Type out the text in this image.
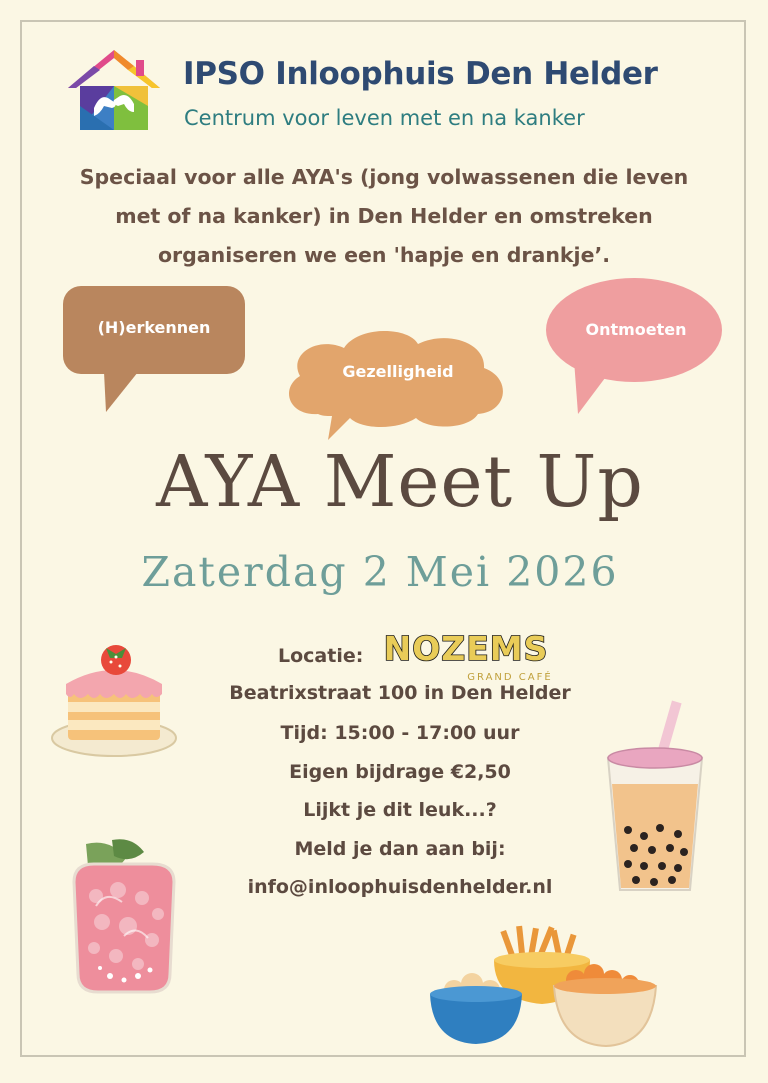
IPSO Inloophuis Den Helder
Centrum voor leven met en na kanker
Speciaal voor alle AYA's (jong volwassenen die leven
met of na kanker) in Den Helder en omstreken
organiseren we een 'hapje en drankje’.
(H)erkennen
Gezelligheid
Ontmoeten
AYA Meet Up
Zaterdag 2 Mei 2026
Locatie: NOZEMS
GRAND CAFÉ
Beatrixstraat 100 in Den Helder
Tijd: 15:00 - 17:00 uur
Eigen bijdrage €2,50
Lijkt je dit leuk...?
Meld je dan aan bij:
info@inloophuisdenhelder.nl
